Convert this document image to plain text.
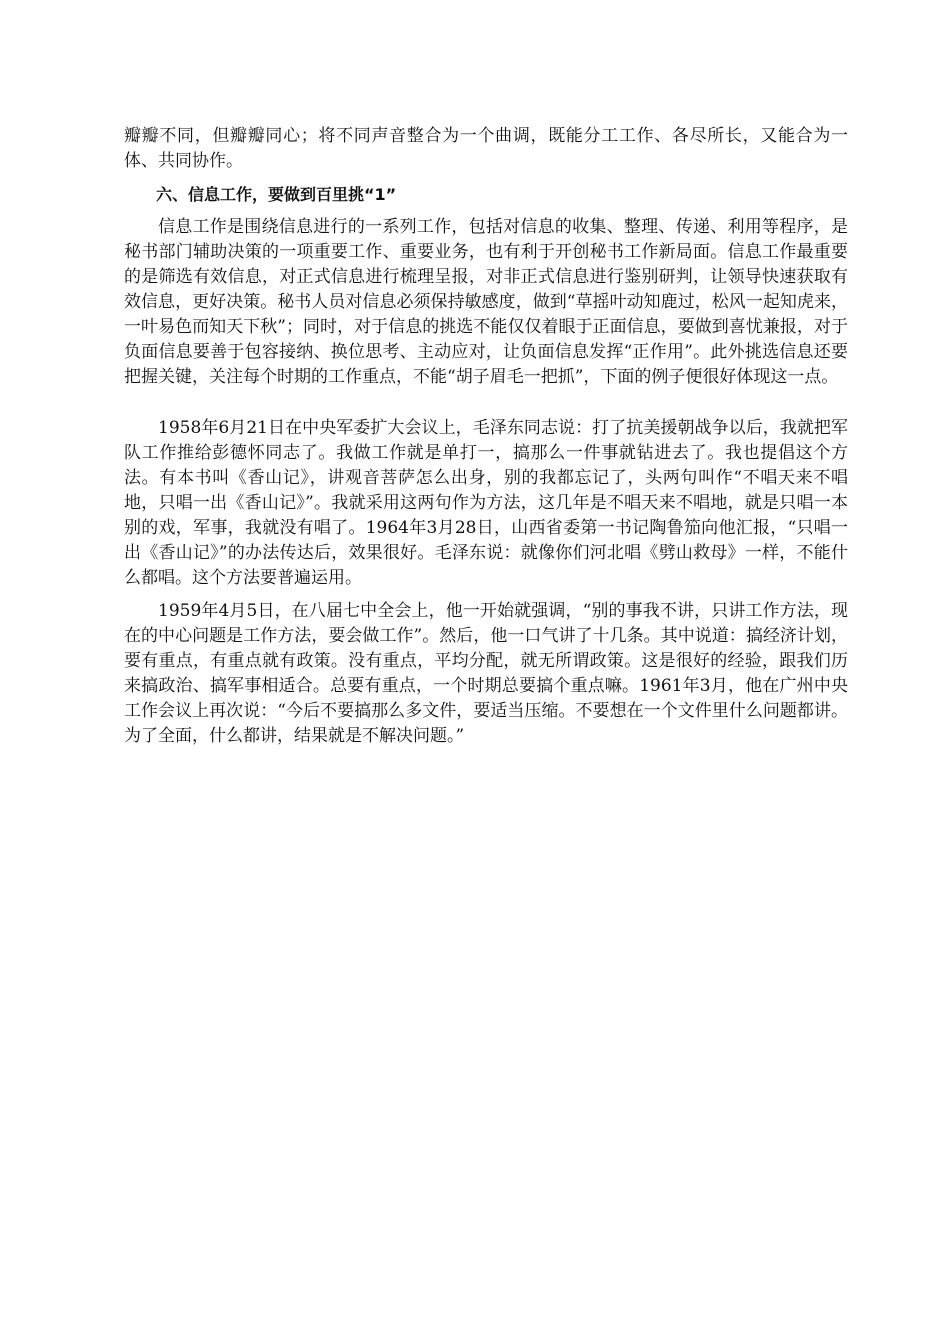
瓣瓣不同，但瓣瓣同心；将不同声音整合为一个曲调，既能分工工作、各尽所长，又能合为一体、共同协作。

六、信息工作，要做到百里挑“1”

信息工作是围绕信息进行的一系列工作，包括对信息的收集、整理、传递、利用等程序，是秘书部门辅助决策的一项重要工作、重要业务，也有利于开创秘书工作新局面。信息工作最重要的是筛选有效信息，对正式信息进行梳理呈报，对非正式信息进行鉴别研判，让领导快速获取有效信息，更好决策。秘书人员对信息必须保持敏感度，做到“草摇叶动知鹿过，松风一起知虎来，一叶易色而知天下秋”；同时，对于信息的挑选不能仅仅着眼于正面信息，要做到喜忧兼报，对于负面信息要善于包容接纳、换位思考、主动应对，让负面信息发挥“正作用”。此外挑选信息还要把握关键，关注每个时期的工作重点，不能“胡子眉毛一把抓”，下面的例子便很好体现这一点。

1958年6月21日在中央军委扩大会议上，毛泽东同志说：打了抗美援朝战争以后，我就把军队工作推给彭德怀同志了。我做工作就是单打一，搞那么一件事就钻进去了。我也提倡这个方法。有本书叫《香山记》，讲观音菩萨怎么出身，别的我都忘记了，头两句叫作“不唱天来不唱地，只唱一出《香山记》”。我就采用这两句作为方法，这几年是不唱天来不唱地，就是只唱一本别的戏，军事，我就没有唱了。1964年3月28日，山西省委第一书记陶鲁笳向他汇报，“只唱一出《香山记》”的办法传达后，效果很好。毛泽东说：就像你们河北唱《劈山救母》一样，不能什么都唱。这个方法要普遍运用。

1959年4月5日，在八届七中全会上，他一开始就强调，“别的事我不讲，只讲工作方法，现在的中心问题是工作方法，要会做工作”。然后，他一口气讲了十几条。其中说道：搞经济计划，要有重点，有重点就有政策。没有重点，平均分配，就无所谓政策。这是很好的经验，跟我们历来搞政治、搞军事相适合。总要有重点，一个时期总要搞个重点嘛。1961年3月，他在广州中央工作会议上再次说：“今后不要搞那么多文件，要适当压缩。不要想在一个文件里什么问题都讲。为了全面，什么都讲，结果就是不解决问题。”
